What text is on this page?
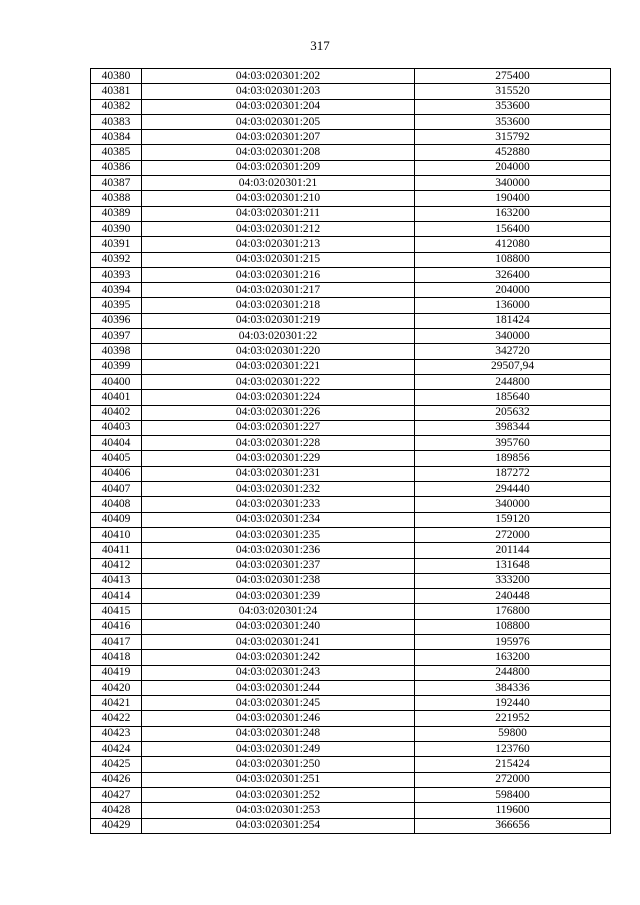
317
40380	04:03:020301:202	275400
40381	04:03:020301:203	315520
40382	04:03:020301:204	353600
40383	04:03:020301:205	353600
40384	04:03:020301:207	315792
40385	04:03:020301:208	452880
40386	04:03:020301:209	204000
40387	04:03:020301:21	340000
40388	04:03:020301:210	190400
40389	04:03:020301:211	163200
40390	04:03:020301:212	156400
40391	04:03:020301:213	412080
40392	04:03:020301:215	108800
40393	04:03:020301:216	326400
40394	04:03:020301:217	204000
40395	04:03:020301:218	136000
40396	04:03:020301:219	181424
40397	04:03:020301:22	340000
40398	04:03:020301:220	342720
40399	04:03:020301:221	29507,94
40400	04:03:020301:222	244800
40401	04:03:020301:224	185640
40402	04:03:020301:226	205632
40403	04:03:020301:227	398344
40404	04:03:020301:228	395760
40405	04:03:020301:229	189856
40406	04:03:020301:231	187272
40407	04:03:020301:232	294440
40408	04:03:020301:233	340000
40409	04:03:020301:234	159120
40410	04:03:020301:235	272000
40411	04:03:020301:236	201144
40412	04:03:020301:237	131648
40413	04:03:020301:238	333200
40414	04:03:020301:239	240448
40415	04:03:020301:24	176800
40416	04:03:020301:240	108800
40417	04:03:020301:241	195976
40418	04:03:020301:242	163200
40419	04:03:020301:243	244800
40420	04:03:020301:244	384336
40421	04:03:020301:245	192440
40422	04:03:020301:246	221952
40423	04:03:020301:248	59800
40424	04:03:020301:249	123760
40425	04:03:020301:250	215424
40426	04:03:020301:251	272000
40427	04:03:020301:252	598400
40428	04:03:020301:253	119600
40429	04:03:020301:254	366656
